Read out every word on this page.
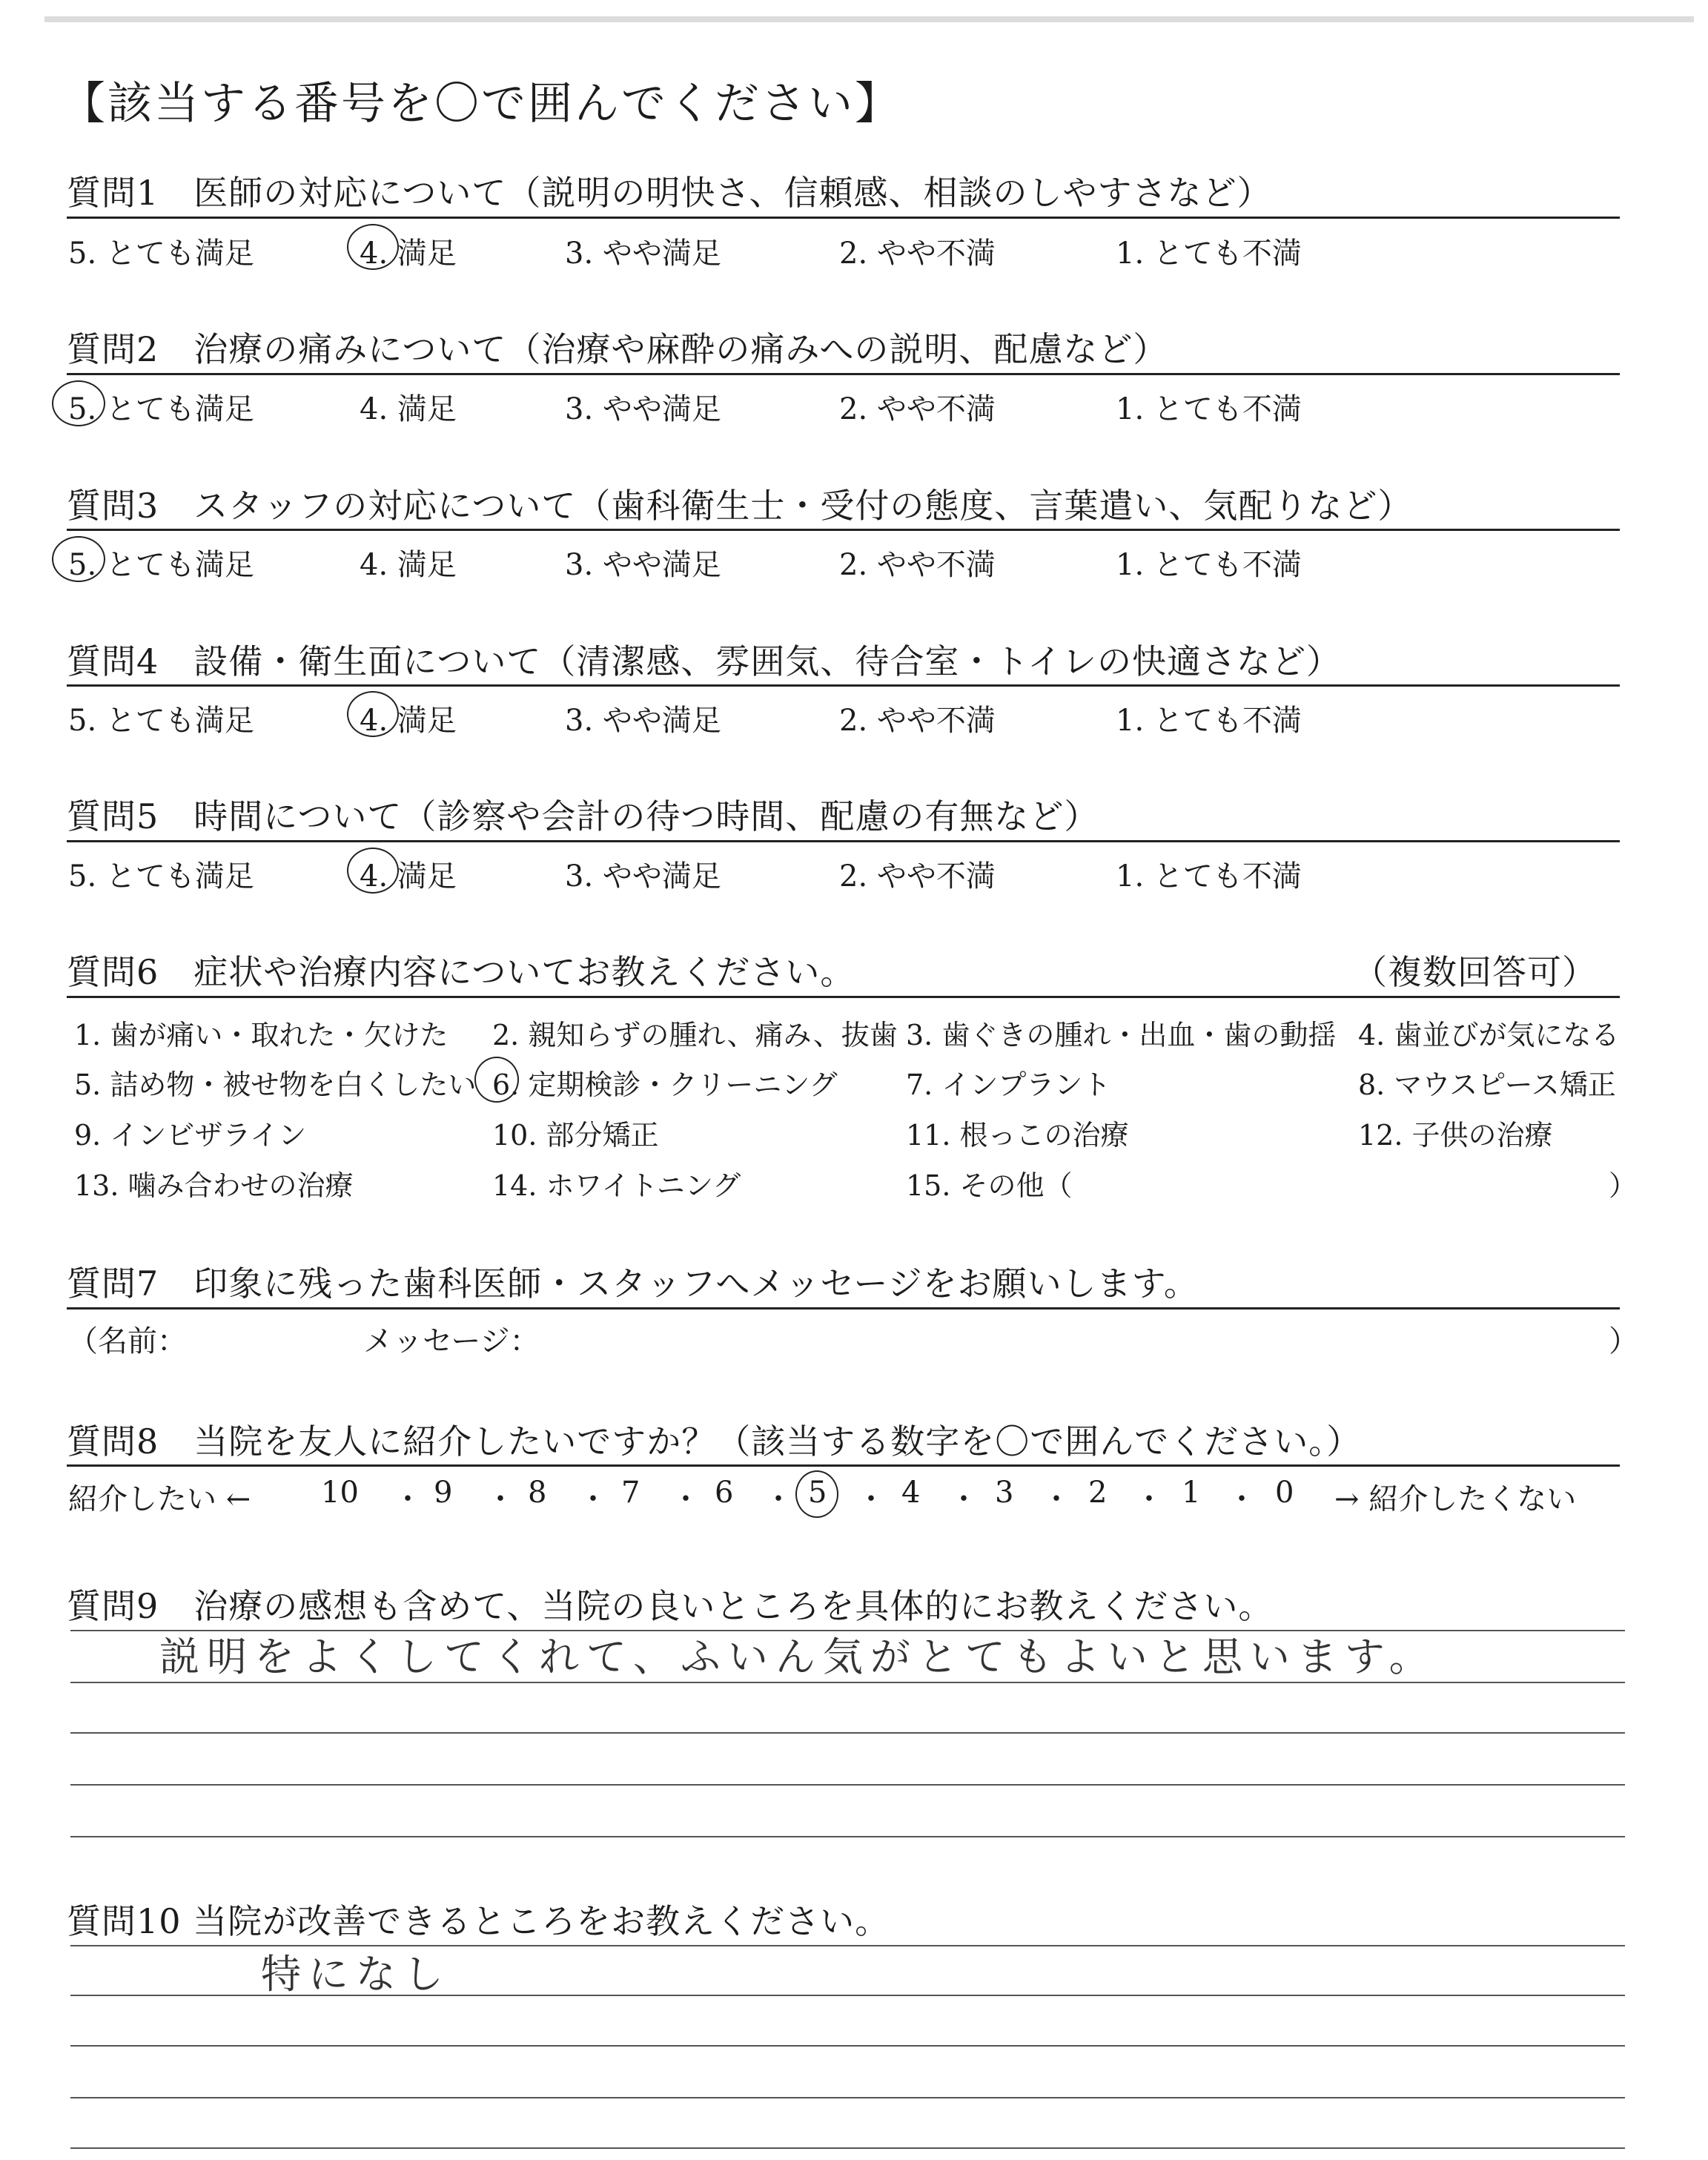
【該当する番号を〇で囲んでください】
質問1　医師の対応について（説明の明快さ、信頼感、相談のしやすさなど）
5. とても満足	4. 満足	3. やや満足	2. やや不満	1. とても不満
質問2　治療の痛みについて（治療や麻酔の痛みへの説明、配慮など）
5. とても満足	4. 満足	3. やや満足	2. やや不満	1. とても不満
質問3　スタッフの対応について（歯科衛生士・受付の態度、言葉遣い、気配りなど）
5. とても満足	4. 満足	3. やや満足	2. やや不満	1. とても不満
質問4　設備・衛生面について（清潔感、雰囲気、待合室・トイレの快適さなど）
5. とても満足	4. 満足	3. やや満足	2. やや不満	1. とても不満
質問5　時間について（診察や会計の待つ時間、配慮の有無など）
5. とても満足	4. 満足	3. やや満足	2. やや不満	1. とても不満
質問6　症状や治療内容についてお教えください。	（複数回答可）
1. 歯が痛い・取れた・欠けた 2. 親知らずの腫れ、痛み、抜歯 3. 歯ぐきの腫れ・出血・歯の動揺 4. 歯並びが気になる
5. 詰め物・被せ物を白くしたい 6. 定期検診・クリーニング 7. インプラント	8. マウスピース矯正
9. インビザライン	10. 部分矯正	11. 根っこの治療	12. 子供の治療
13. 噛み合わせの治療	14. ホワイトニング	15. その他（	）
質問7　印象に残った歯科医師・スタッフへメッセージをお願いします。
（名前：	メッセージ：	）
質問8　当院を友人に紹介したいですか？（該当する数字を〇で囲んでください。）
紹介したい ← 10 ・ 9 ・ 8 ・ 7 ・ 6 ・ 5 ・ 4 ・ 3 ・ 2 ・ 1 ・ 0 → 紹介したくない
質問9　治療の感想も含めて、当院の良いところを具体的にお教えください。
説明をよくしてくれて、ふいん気がとてもよいと思います。
質問10 当院が改善できるところをお教えください。
特になし
